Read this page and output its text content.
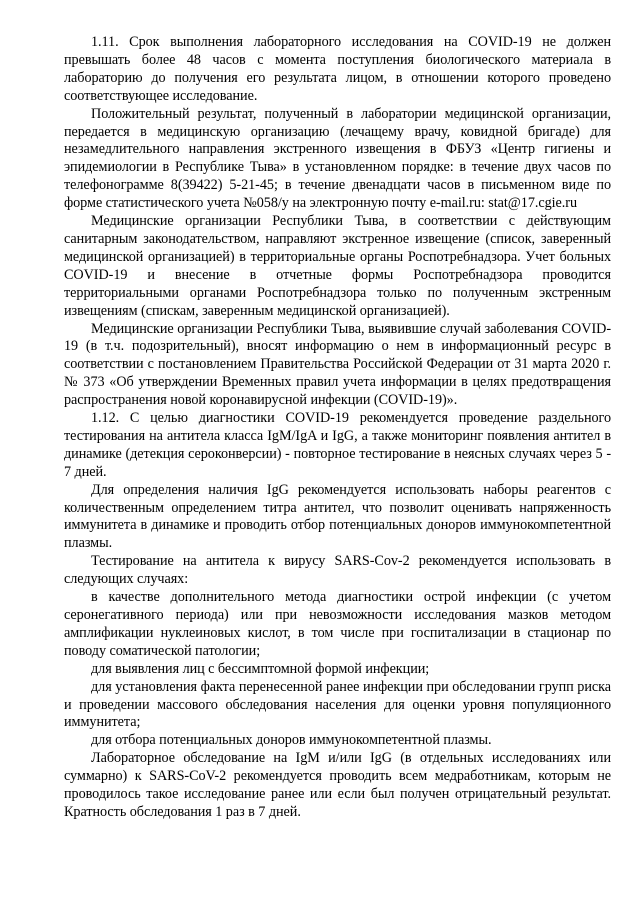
1.11. Срок выполнения лабораторного исследования на COVID-19 не должен превышать более 48 часов с момента поступления биологического материала в лабораторию до получения его результата лицом, в отношении которого проведено соответствующее исследование.

Положительный результат, полученный в лаборатории медицинской организации, передается в медицинскую организацию (лечащему врачу, ковидной бригаде) для незамедлительного направления экстренного извещения в ФБУЗ «Центр гигиены и эпидемиологии в Республике Тыва» в установленном порядке: в течение двух часов по телефонограмме 8(39422) 5-21-45; в течение двенадцати часов в письменном виде по форме статистического учета №058/у на электронную почту e-mail.ru: stat@17.cgie.ru

Медицинские организации Республики Тыва, в соответствии с действующим санитарным законодательством, направляют экстренное извещение (список, заверенный медицинской организацией) в территориальные органы Роспотребнадзора. Учет больных COVID-19 и внесение в отчетные формы Роспотребнадзора проводится территориальными органами Роспотребнадзора только по полученным экстренным извещениям (спискам, заверенным медицинской организацией).

Медицинские организации Республики Тыва, выявившие случай заболевания COVID-19 (в т.ч. подозрительный), вносят информацию о нем в информационный ресурс в соответствии с постановлением Правительства Российской Федерации от 31 марта 2020 г. № 373 «Об утверждении Временных правил учета информации в целях предотвращения распространения новой коронавирусной инфекции (COVID-19)».

1.12. С целью диагностики COVID-19 рекомендуется проведение раздельного тестирования на антитела класса IgM/IgA и IgG, а также мониторинг появления антител в динамике (детекция сероконверсии) - повторное тестирование в неясных случаях через 5 - 7 дней.

Для определения наличия IgG рекомендуется использовать наборы реагентов с количественным определением титра антител, что позволит оценивать напряженность иммунитета в динамике и проводить отбор потенциальных доноров иммунокомпетентной плазмы.

Тестирование на антитела к вирусу SARS-Cov-2 рекомендуется использовать в следующих случаях:

в качестве дополнительного метода диагностики острой инфекции (с учетом серонегативного периода) или при невозможности исследования мазков методом амплификации нуклеиновых кислот, в том числе при госпитализации в стационар по поводу соматической патологии;

для выявления лиц с бессимптомной формой инфекции;

для установления факта перенесенной ранее инфекции при обследовании групп риска и проведении массового обследования населения для оценки уровня популяционного иммунитета;

для отбора потенциальных доноров иммунокомпетентной плазмы.

Лабораторное обследование на IgM и/или IgG (в отдельных исследованиях или суммарно) к SARS-CoV-2 рекомендуется проводить всем медработникам, которым не проводилось такое исследование ранее или если был получен отрицательный результат. Кратность обследования 1 раз в 7 дней.
